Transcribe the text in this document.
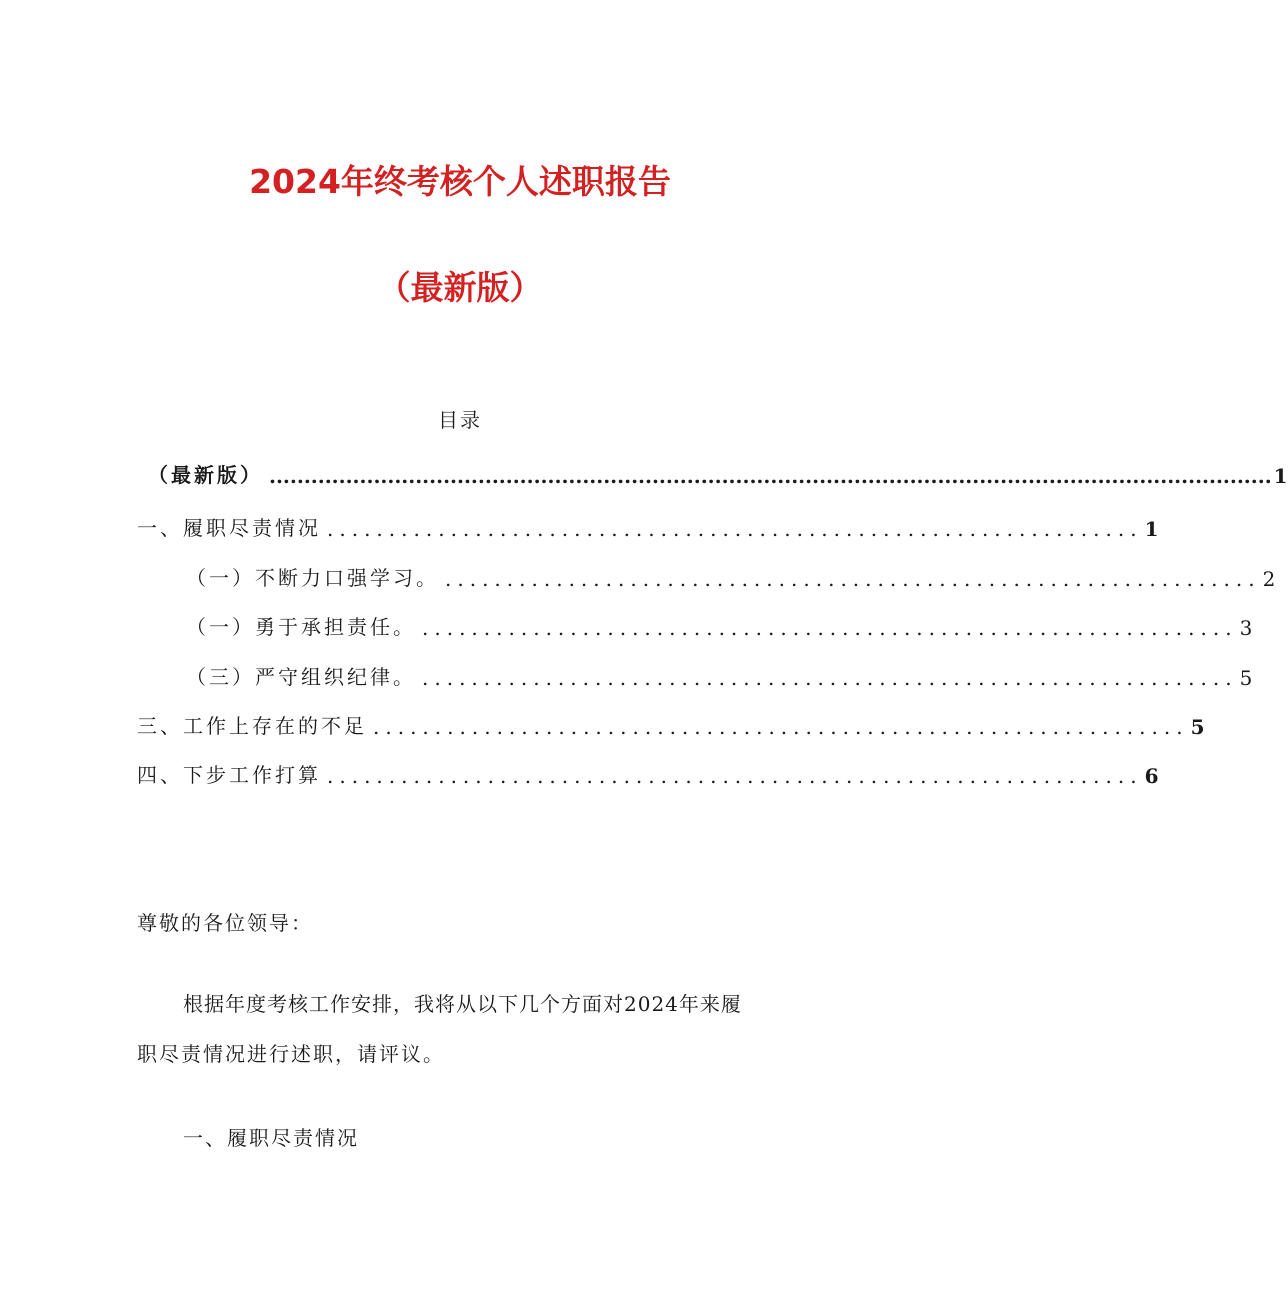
2024年终考核个人述职报告
（最新版）
目录
（最新版） ................................................................................................................................................ 1
一、履职尽责情况 .................................................................. 1
（一）不断力口强学习。 .................................................................. 2
（一）勇于承担责任。 .................................................................. 3
（三）严守组织纪律。 .................................................................. 5
三、工作上存在的不足 .................................................................. 5
四、下步工作打算 .................................................................. 6
尊敬的各位领导：
根据年度考核工作安排，我将从以下几个方面对2024年来履
职尽责情况进行述职，请评议。
一、履职尽责情况
